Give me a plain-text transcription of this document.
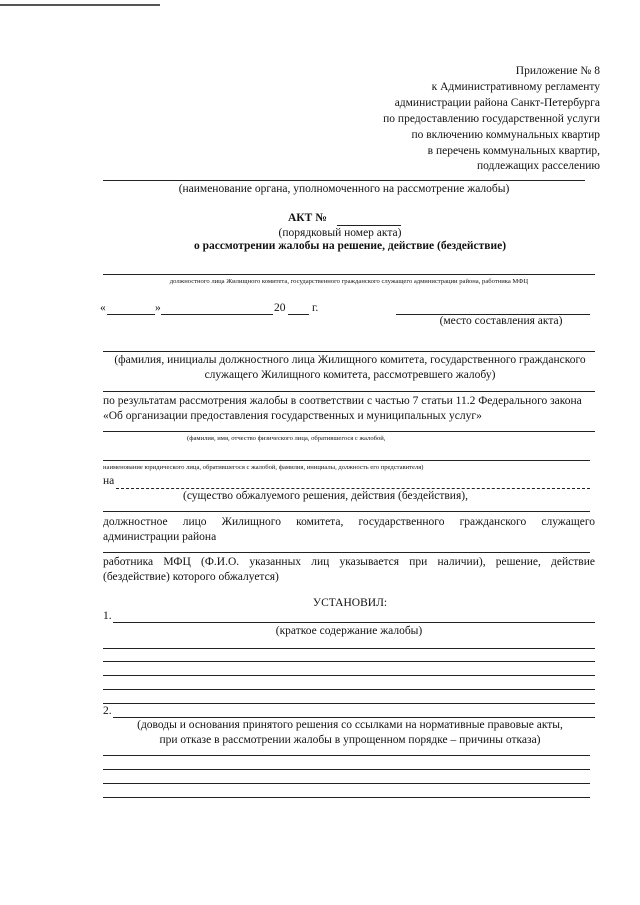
Приложение № 8
к Административному регламенту
администрации района Санкт-Петербурга
по предоставлению государственной услуги
по включению коммунальных квартир
в перечень коммунальных квартир,
подлежащих расселению
(наименование органа, уполномоченного на рассмотрение жалобы)
АКТ №
(порядковый номер акта)
о рассмотрении жалобы на решение, действие (бездействие)
должностного лица Жилищного комитета, государственного гражданского служащего администрации района, работника МФЦ
«	»	20 г.
(место составления акта)
(фамилия, инициалы должностного лица Жилищного комитета, государственного гражданского
служащего Жилищного комитета, рассмотревшего жалобу)
по результатам рассмотрения жалобы в соответствии с частью 7 статьи 11.2 Федерального закона
«Об организации предоставления государственных и муниципальных услуг»
(фамилия, имя, отчество физического лица, обратившегося с жалобой,
наименование юридического лица, обратившегося с жалобой, фамилия, инициалы, должность его представителя)
на
(существо обжалуемого решения, действия (бездействия),
должностное лицо Жилищного комитета, государственного гражданского служащего
администрации района
работника МФЦ (Ф.И.О. указанных лиц указывается при наличии), решение, действие
(бездействие) которого обжалуется)
УСТАНОВИЛ:
1.
(краткое содержание жалобы)
2.
(доводы и основания принятого решения со ссылками на нормативные правовые акты,
при отказе в рассмотрении жалобы в упрощенном порядке – причины отказа)
